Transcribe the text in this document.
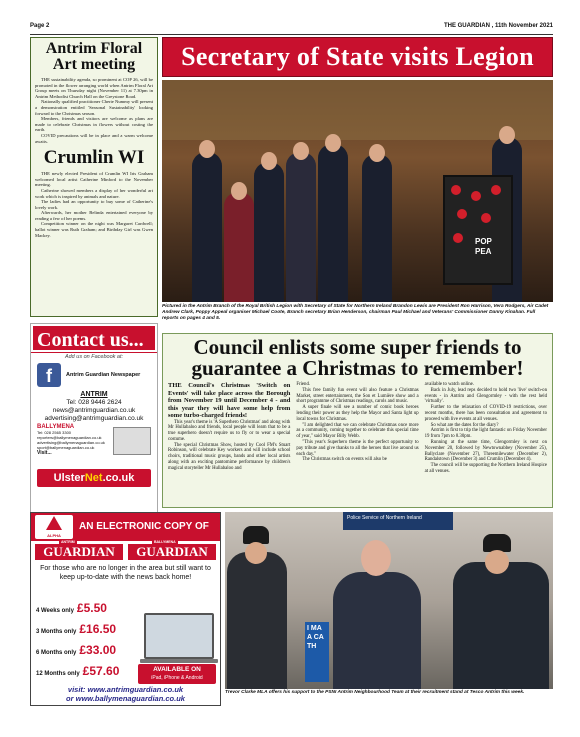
Page 2	THE GUARDIAN , 11th November 2021
Antrim Floral Art meeting

THE sustainability agenda, so prominent at COP 26, will be promoted in the flower arranging world when Antrim Floral Art Group meets on Thursday night (November 11) at 7.30pm in Antrim Methodist Church Hall on the Greystone Road.

Nationally qualified practitioner Cherie Nummy will present a demonstration entitled 'Seasonal Sustainability' looking forward to the Christmas season.

Members, friends and visitors are welcome as plans are made to celebrate Christmas in flowers without costing the earth.

COVID precautions will be in place and a warm welcome awaits.

Crumlin WI

THE newly elected President of Crumlin WI Iris Graham welcomed local artist Catherine Minford to the November meeting.

Catherine showed members a display of her wonderful art work which is inspired by animals and nature.

The ladies had an opportunity to buy some of Catherine's lovely work.

Afterwards, her mother Belinda entertained everyone by reading a few of her poems.

Competition winner on the night was Margaret Cardwell; ballot winner was Ruth Graham; and Birthday Girl was Gwen Mackey.

Contact us...
Add us on Facebook at:
f	Antrim Guardian Newspaper
ANTRIM
Tel: 028 9446 2624
news@antrimguardian.co.uk
advertising@antrimguardian.co.uk
BALLYMENA
Tel: 028 2565 3300
reporters@ballymenaguardian.co.uk
advertising@ballymenaguardian.co.uk
sport@ballymenaguardian.co.uk
Visit...
UlsterNet.co.uk
Secretary of State visits Legion
POP
PEA
Pictured in the Antrim Branch of the Royal British Legion with Secretary of State for Northern Ireland Brandon Lewis are President Ron Harrison, Vera Rodgers, Air Cadet Andrew Clark, Poppy Appeal organiser Michael Coote, Branch secretary Brian Henderson, chairman Paul Michael and Veterans' Commissioner Danny Kinahan. Full reports on pages 4 and 5.
Council enlists some super friends to guarantee a Christmas to remember!

THE Council's Christmas 'Switch on Events' will take place across the Borough from November 19 until December 4 - and this year they will have some help from some turbo-charged friends!

This year's theme is 'A Superhero Christmas' and along with Mr Hullabaloo and friends, local people will learn that to be a true superhero doesn't require us to fly or to wear a special costume.

The special Christmas Show, hosted by Cool FM's Stuart Robinson, will celebrate Key workers and will include school choirs, traditional music groups, bands and other local artists along with an exciting pantomime performance by children's magical storyteller Mr Hullabaloo and

Friend.

This free family fun event will also feature a Christmas Market, street entertainment, the Son et Lumière show and a short programme of Christmas readings, carols and music.

A super finale will see a number of comic book heroes lending their power as they help the Mayor and Santa light up local towns for Christmas.

"I am delighted that we can celebrate Christmas once more as a community, coming together to celebrate this special time of year," said Mayor Billy Webb.

"This year's Superhero theme is the perfect opportunity to pay tribute and give thanks to all the heroes that live around us each day."

The Christmas switch on events will also be

available to watch online.

Back in July, lead reps decided to hold two 'live' switch-on events - in Antrim and Glengormley - with the rest held 'virtually'.

Further to the relaxation of COVID-19 restrictions, over recent months, there has been consultation and agreement to proceed with live events at all venues.

So what are the dates for the diary?

Antrim is first to trip the light fantastic on Friday November 19 from 7pm to 8.30pm.

Running at the same time, Glengormley is next on November 20, followed by Newtownabbey (November 25), Ballyclare (November 27), Threemilewater (December 2), Randalstown (December 3) and Crumlin (December 4).

The council will be supporting the Northern Ireland Hospice at all venues.

ALPHA
AN ELECTRONIC COPY OF
ANTRIM
GUARDIAN
BALLYMENA
GUARDIAN
For those who are no longer in the area but still want to keep up-to-date with the news back home!
4 Weeks only £5.50
3 Months only £16.50
6 Months only £33.00
12 Months only £57.60	AVAILABLE ON
iPad, iPhone & Android
visit: www.antrimguardian.co.uk
or www.ballymenaguardian.co.uk
Police Service of Northern Ireland
I MA A CA TH
Trevor Clarke MLA offers his support to the PSNI Antrim Neighbourhood Team at their recruitment stand at Tesco Antrim this week.
